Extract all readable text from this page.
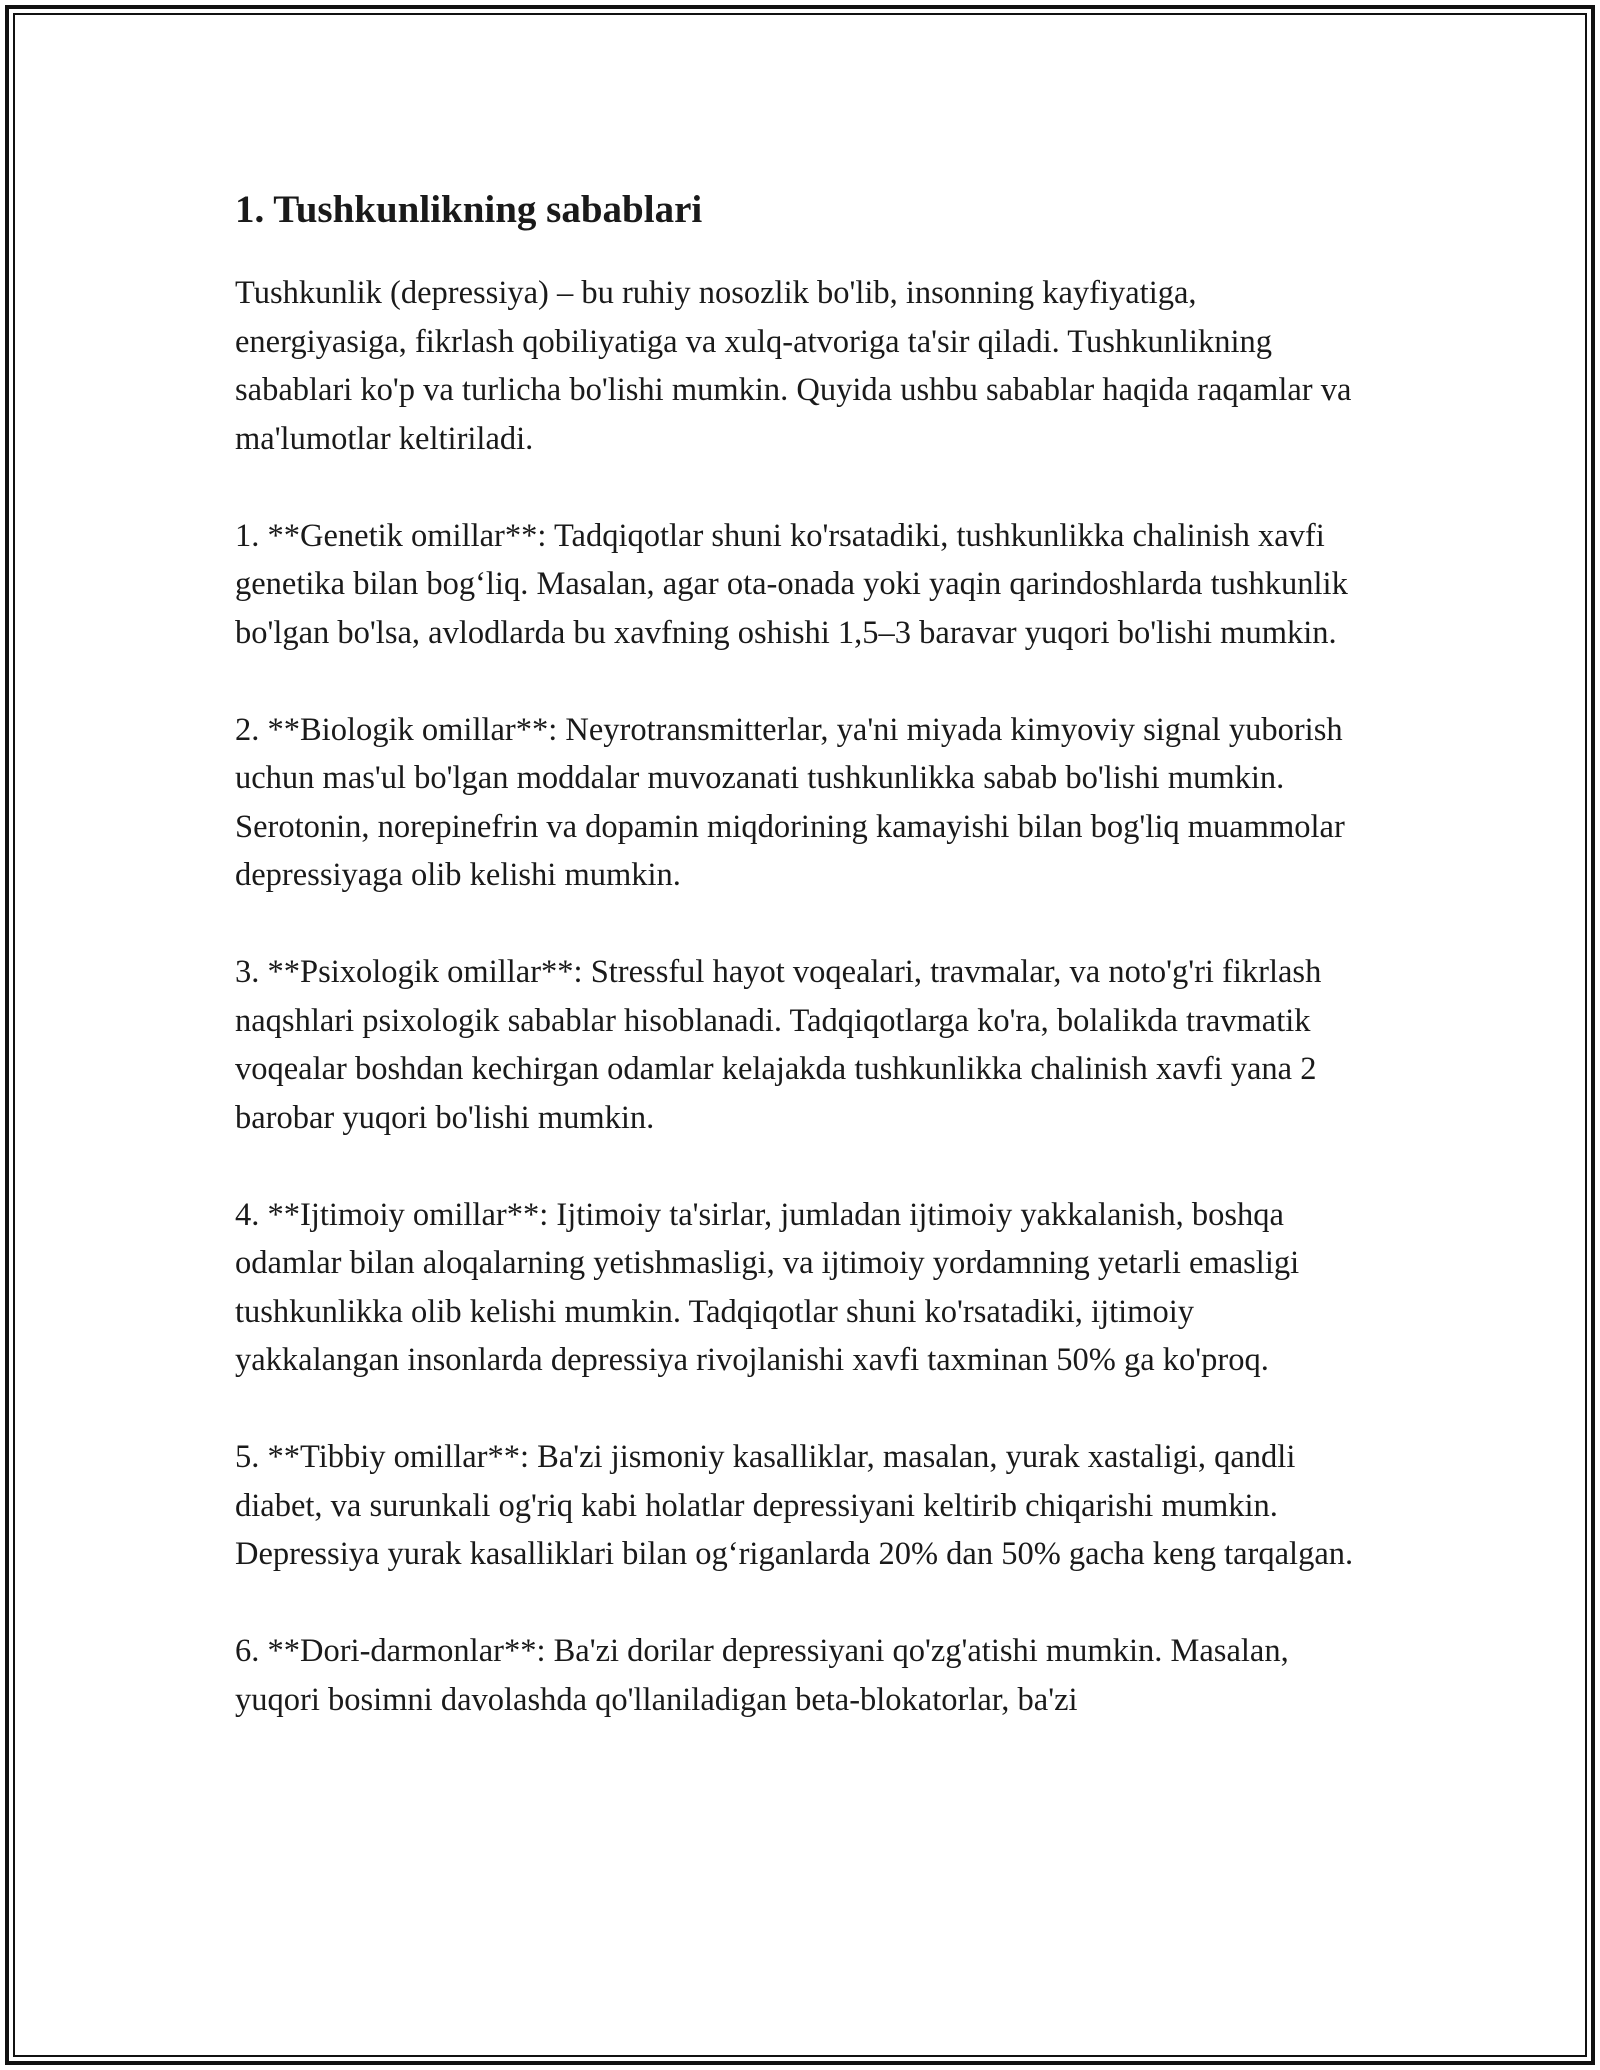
1. Tushkunlikning sabablari

Tushkunlik (depressiya) – bu ruhiy nosozlik bo'lib, insonning kayfiyatiga, energiyasiga, fikrlash qobiliyatiga va xulq-atvoriga ta'sir qiladi. Tushkunlikning sabablari ko'p va turlicha bo'lishi mumkin. Quyida ushbu sabablar haqida raqamlar va ma'lumotlar keltiriladi.

1. **Genetik omillar**: Tadqiqotlar shuni ko'rsatadiki, tushkunlikka chalinish xavfi genetika bilan bog‘liq. Masalan, agar ota-onada yoki yaqin qarindoshlarda tushkunlik bo'lgan bo'lsa, avlodlarda bu xavfning oshishi 1,5–3 baravar yuqori bo'lishi mumkin.

2. **Biologik omillar**: Neyrotransmitterlar, ya'ni miyada kimyoviy signal yuborish uchun mas'ul bo'lgan moddalar muvozanati tushkunlikka sabab bo'lishi mumkin. Serotonin, norepinefrin va dopamin miqdorining kamayishi bilan bog'liq muammolar depressiyaga olib kelishi mumkin.

3. **Psixologik omillar**: Stressful hayot voqealari, travmalar, va noto'g'ri fikrlash naqshlari psixologik sabablar hisoblanadi. Tadqiqotlarga ko'ra, bolalikda travmatik voqealar boshdan kechirgan odamlar kelajakda tushkunlikka chalinish xavfi yana 2 barobar yuqori bo'lishi mumkin.

4. **Ijtimoiy omillar**: Ijtimoiy ta'sirlar, jumladan ijtimoiy yakkalanish, boshqa odamlar bilan aloqalarning yetishmasligi, va ijtimoiy yordamning yetarli emasligi tushkunlikka olib kelishi mumkin. Tadqiqotlar shuni ko'rsatadiki, ijtimoiy yakkalangan insonlarda depressiya rivojlanishi xavfi taxminan 50% ga ko'proq.

5. **Tibbiy omillar**: Ba'zi jismoniy kasalliklar, masalan, yurak xastaligi, qandli diabet, va surunkali og'riq kabi holatlar depressiyani keltirib chiqarishi mumkin. Depressiya yurak kasalliklari bilan og‘riganlarda 20% dan 50% gacha keng tarqalgan.

6. **Dori-darmonlar**: Ba'zi dorilar depressiyani qo'zg'atishi mumkin. Masalan, yuqori bosimni davolashda qo'llaniladigan beta-blokatorlar, ba'zi
